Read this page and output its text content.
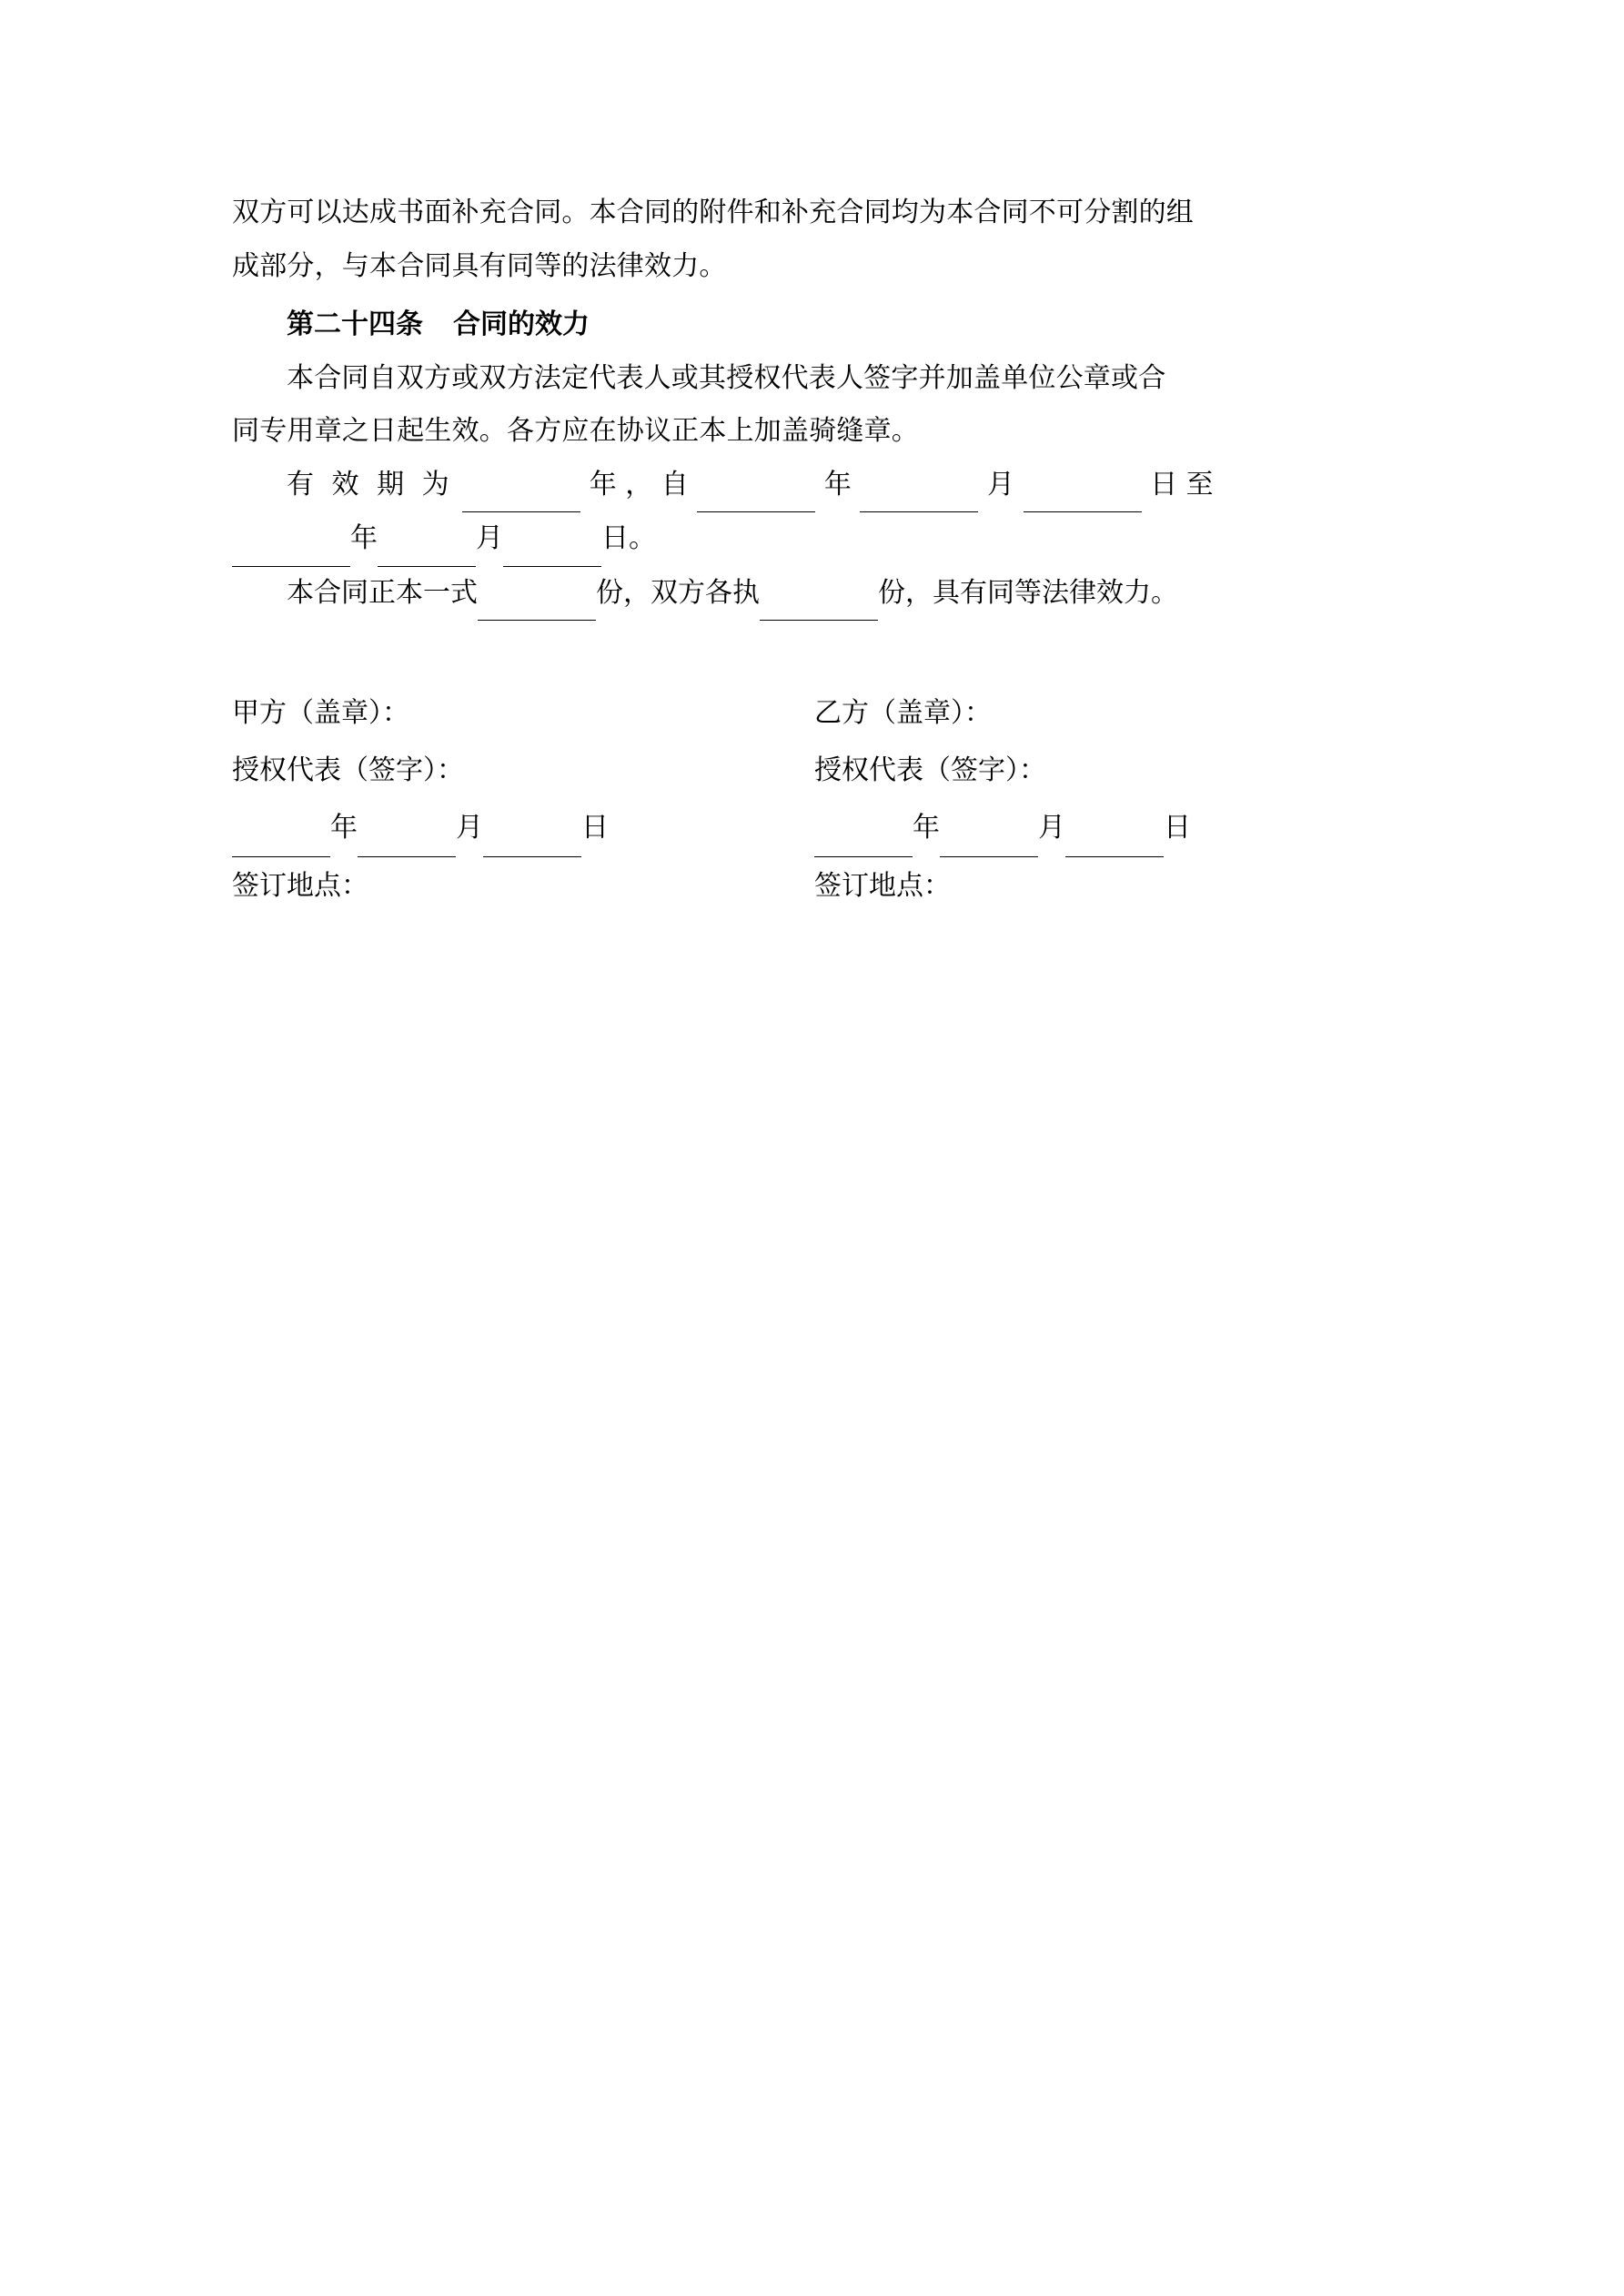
双方可以达成书面补充合同。本合同的附件和补充合同均为本合同不可分割的组
成部分，与本合同具有同等的法律效力。

第二十四条 合同的效力

本合同自双方或双方法定代表人或其授权代表人签字并加盖单位公章或合

同专用章之日起生效。各方应在协议正本上加盖骑缝章。

有 效 期 为	年 ， 自	年	月	日 至

年	月	日。

本合同正本一式	份，双方各执	份，具有同等法律效力。

甲方（盖章）：	乙方（盖章）：
授权代表（签字）：	授权代表（签字）：
年	月	日	年	月	日
签订地点：	签订地点：
